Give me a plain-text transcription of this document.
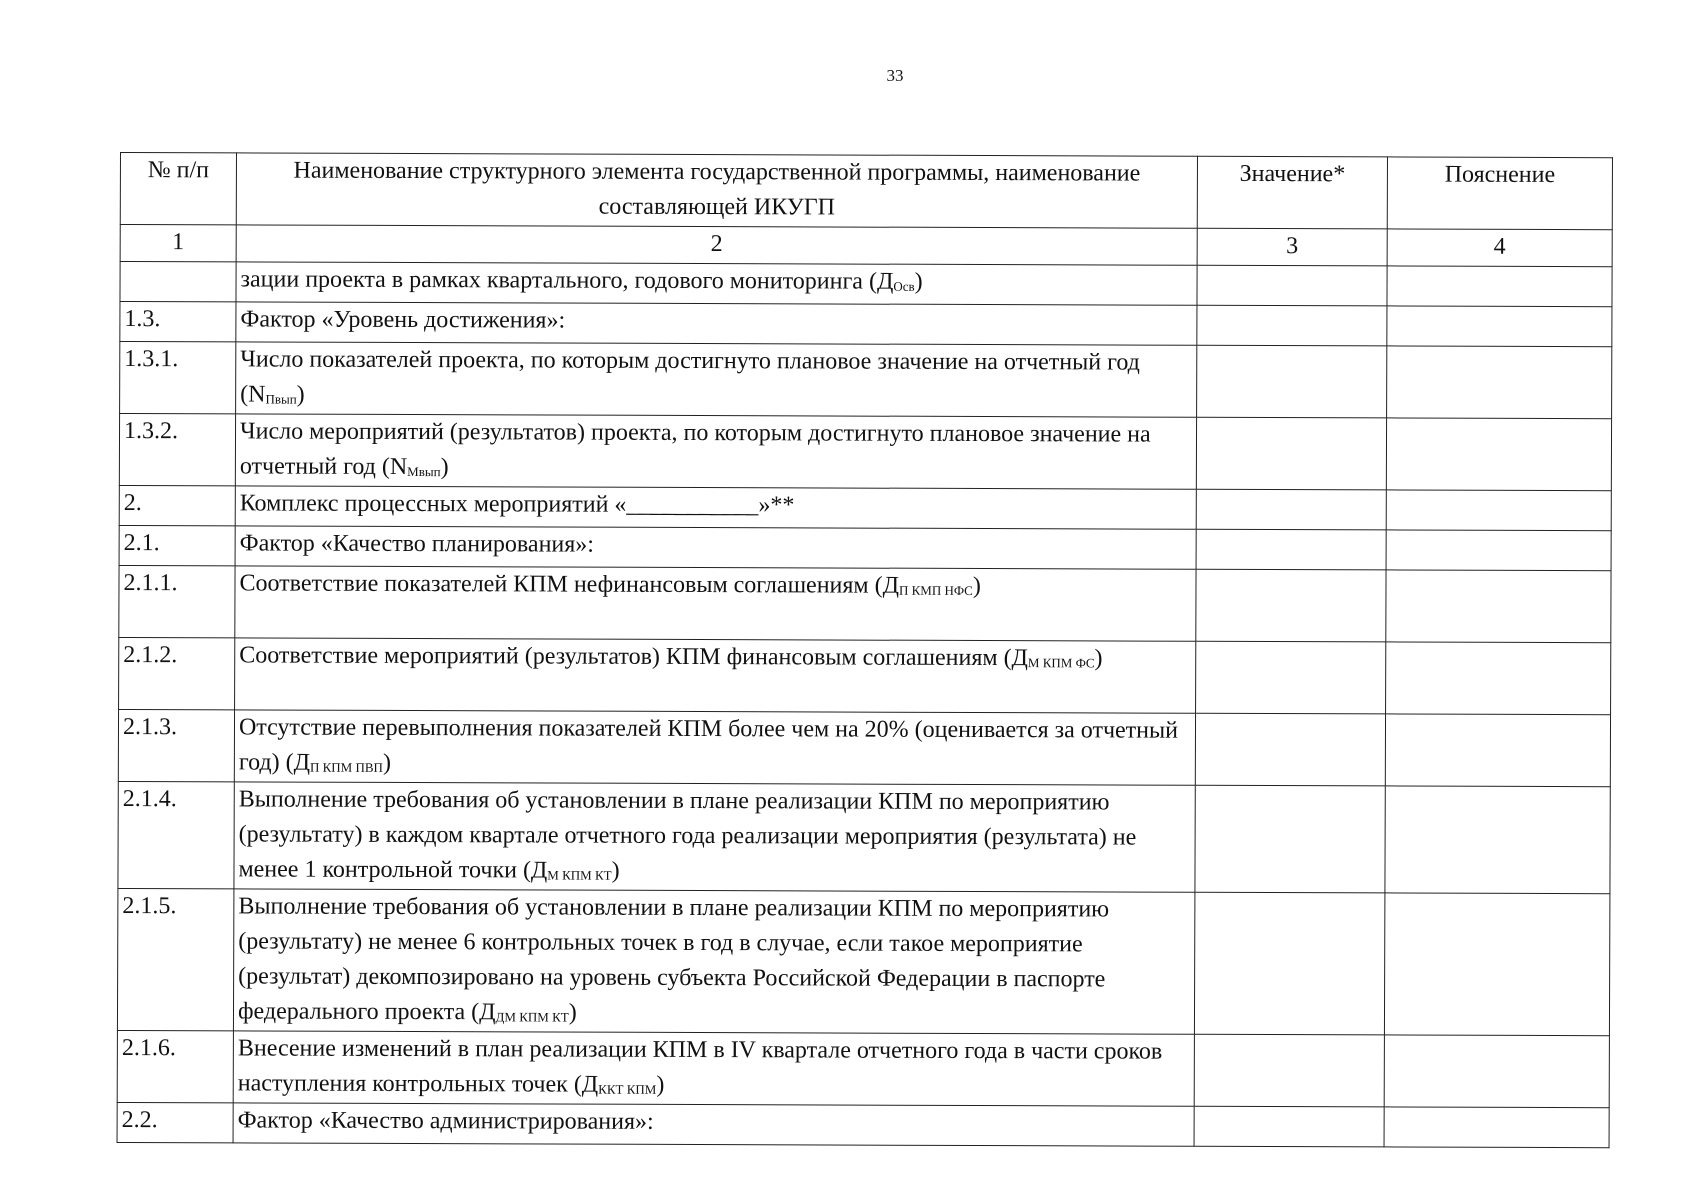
33
№ п/п	Наименование структурного элемента государственной программы, наименование составляющей ИКУГП	Значение*	Пояснение
1	2	3	4
	зации проекта в рамках квартального, годового мониторинга $(Д_{Осв})$		
1.3.	Фактор «Уровень достижения»:		
1.3.1.	Число показателей проекта, по которым достигнуто плановое значение на отчетный год $(N_{Пвып})$		
1.3.2.	Число мероприятий (результатов) проекта, по которым достигнуто плановое значение на отчетный год $(N_{Мвып})$		
2.	Комплекс процессных мероприятий «___________»**		
2.1.	Фактор «Качество планирования»:		
2.1.1.	Соответствие показателей КПМ нефинансовым соглашениям $(Д_{П КМП НФС})$		
2.1.2.	Соответствие мероприятий (результатов) КПМ финансовым соглашениям $(Д_{М КПМ ФС})$		
2.1.3.	Отсутствие перевыполнения показателей КПМ более чем на 20% (оценивается за отчетный год) $(Д_{П КПМ ПВП})$		
2.1.4.	Выполнение требования об установлении в плане реализации КПМ по мероприятию (результату) в каждом квартале отчетного года реализации мероприятия (результата) не менее 1 контрольной точки $(Д_{М КПМ КТ})$		
2.1.5.	Выполнение требования об установлении в плане реализации КПМ по мероприятию (результату) не менее 6 контрольных точек в год в случае, если такое мероприятие (результат) декомпозировано на уровень субъекта Российской Федерации в паспорте федерального проекта $(Д_{ДМ КПМ КТ})$		
2.1.6.	Внесение изменений в план реализации КПМ в IV квартале отчетного года в части сроков наступления контрольных точек $(Д_{ККТ КПМ})$		
2.2.	Фактор «Качество администрирования»:		
